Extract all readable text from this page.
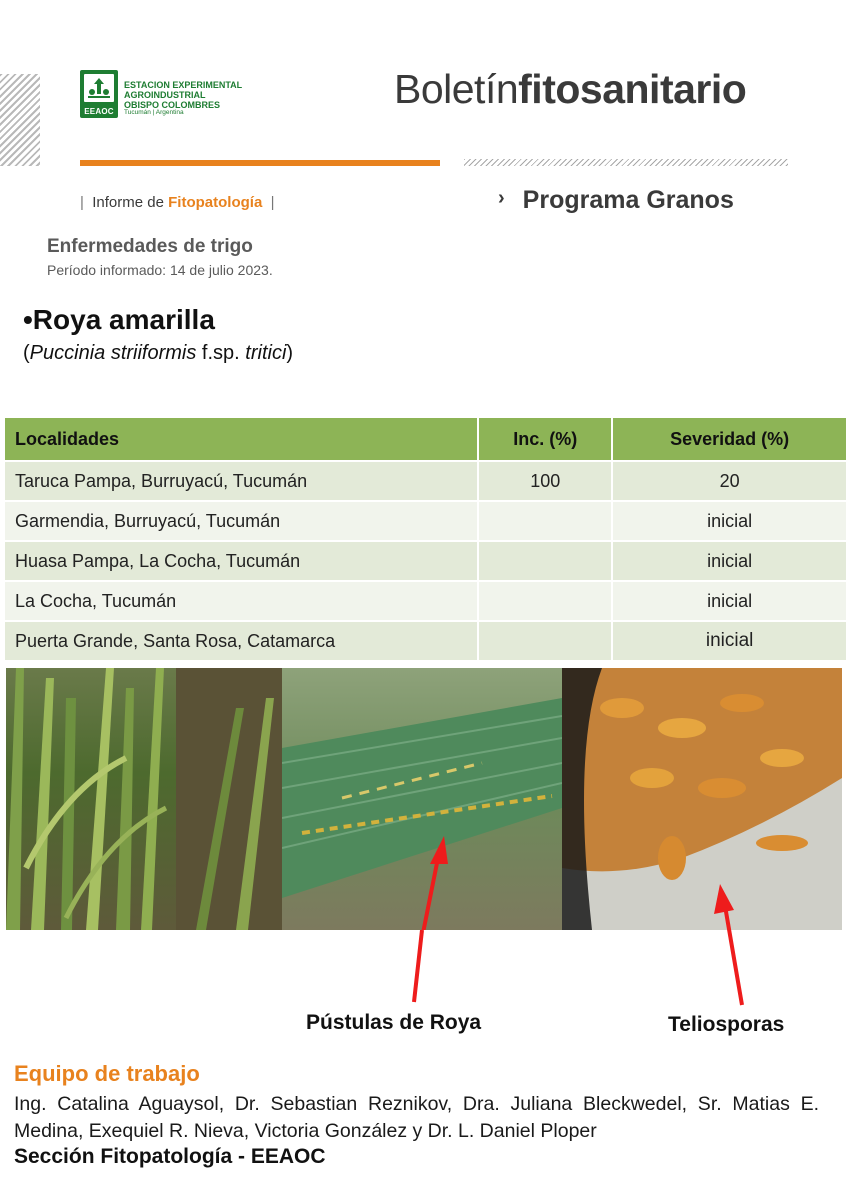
EEAOC
ESTACION EXPERIMENTAL
AGROINDUSTRIAL
OBISPO COLOMBRES
Tucumán | Argentina
Boletínfitosanitario
| Informe de Fitopatología |	› Programa Granos
Enfermedades de trigo
Período informado: 14 de julio 2023.
•Roya amarilla
(Puccinia striiformis f.sp. tritici)
Localidades	Inc. (%)	Severidad (%)
Taruca Pampa, Burruyacú, Tucumán	100	20
Garmendia, Burruyacú, Tucumán		inicial
Huasa Pampa, La Cocha, Tucumán		inicial
La Cocha, Tucumán		inicial
Puerta Grande, Santa Rosa, Catamarca		inicial
Pústulas de Roya	Teliosporas
Equipo de trabajo
Ing. Catalina Aguaysol, Dr. Sebastian Reznikov, Dra. Juliana Bleckwedel, Sr. Matias E. Medina, Exequiel R. Nieva, Victoria González y Dr. L. Daniel Ploper
Sección Fitopatología - EEAOC
